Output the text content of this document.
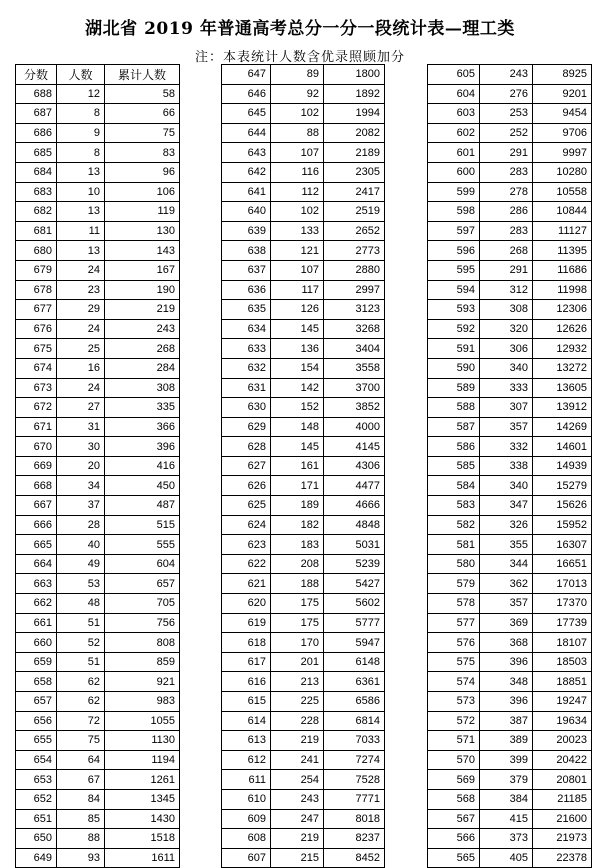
湖北省 2019 年普通高考总分一分一段统计表—理工类
注：本表统计人数含优录照顾加分
分数	人数	累计人数
688	12	58
687	8	66
686	9	75
685	8	83
684	13	96
683	10	106
682	13	119
681	11	130
680	13	143
679	24	167
678	23	190
677	29	219
676	24	243
675	25	268
674	16	284
673	24	308
672	27	335
671	31	366
670	30	396
669	20	416
668	34	450
667	37	487
666	28	515
665	40	555
664	49	604
663	53	657
662	48	705
661	51	756
660	52	808
659	51	859
658	62	921
657	62	983
656	72	1055
655	75	1130
654	64	1194
653	67	1261
652	84	1345
651	85	1430
650	88	1518
649	93	1611
647	89	1800
646	92	1892
645	102	1994
644	88	2082
643	107	2189
642	116	2305
641	112	2417
640	102	2519
639	133	2652
638	121	2773
637	107	2880
636	117	2997
635	126	3123
634	145	3268
633	136	3404
632	154	3558
631	142	3700
630	152	3852
629	148	4000
628	145	4145
627	161	4306
626	171	4477
625	189	4666
624	182	4848
623	183	5031
622	208	5239
621	188	5427
620	175	5602
619	175	5777
618	170	5947
617	201	6148
616	213	6361
615	225	6586
614	228	6814
613	219	7033
612	241	7274
611	254	7528
610	243	7771
609	247	8018
608	219	8237
607	215	8452
605	243	8925
604	276	9201
603	253	9454
602	252	9706
601	291	9997
600	283	10280
599	278	10558
598	286	10844
597	283	11127
596	268	11395
595	291	11686
594	312	11998
593	308	12306
592	320	12626
591	306	12932
590	340	13272
589	333	13605
588	307	13912
587	357	14269
586	332	14601
585	338	14939
584	340	15279
583	347	15626
582	326	15952
581	355	16307
580	344	16651
579	362	17013
578	357	17370
577	369	17739
576	368	18107
575	396	18503
574	348	18851
573	396	19247
572	387	19634
571	389	20023
570	399	20422
569	379	20801
568	384	21185
567	415	21600
566	373	21973
565	405	22378
